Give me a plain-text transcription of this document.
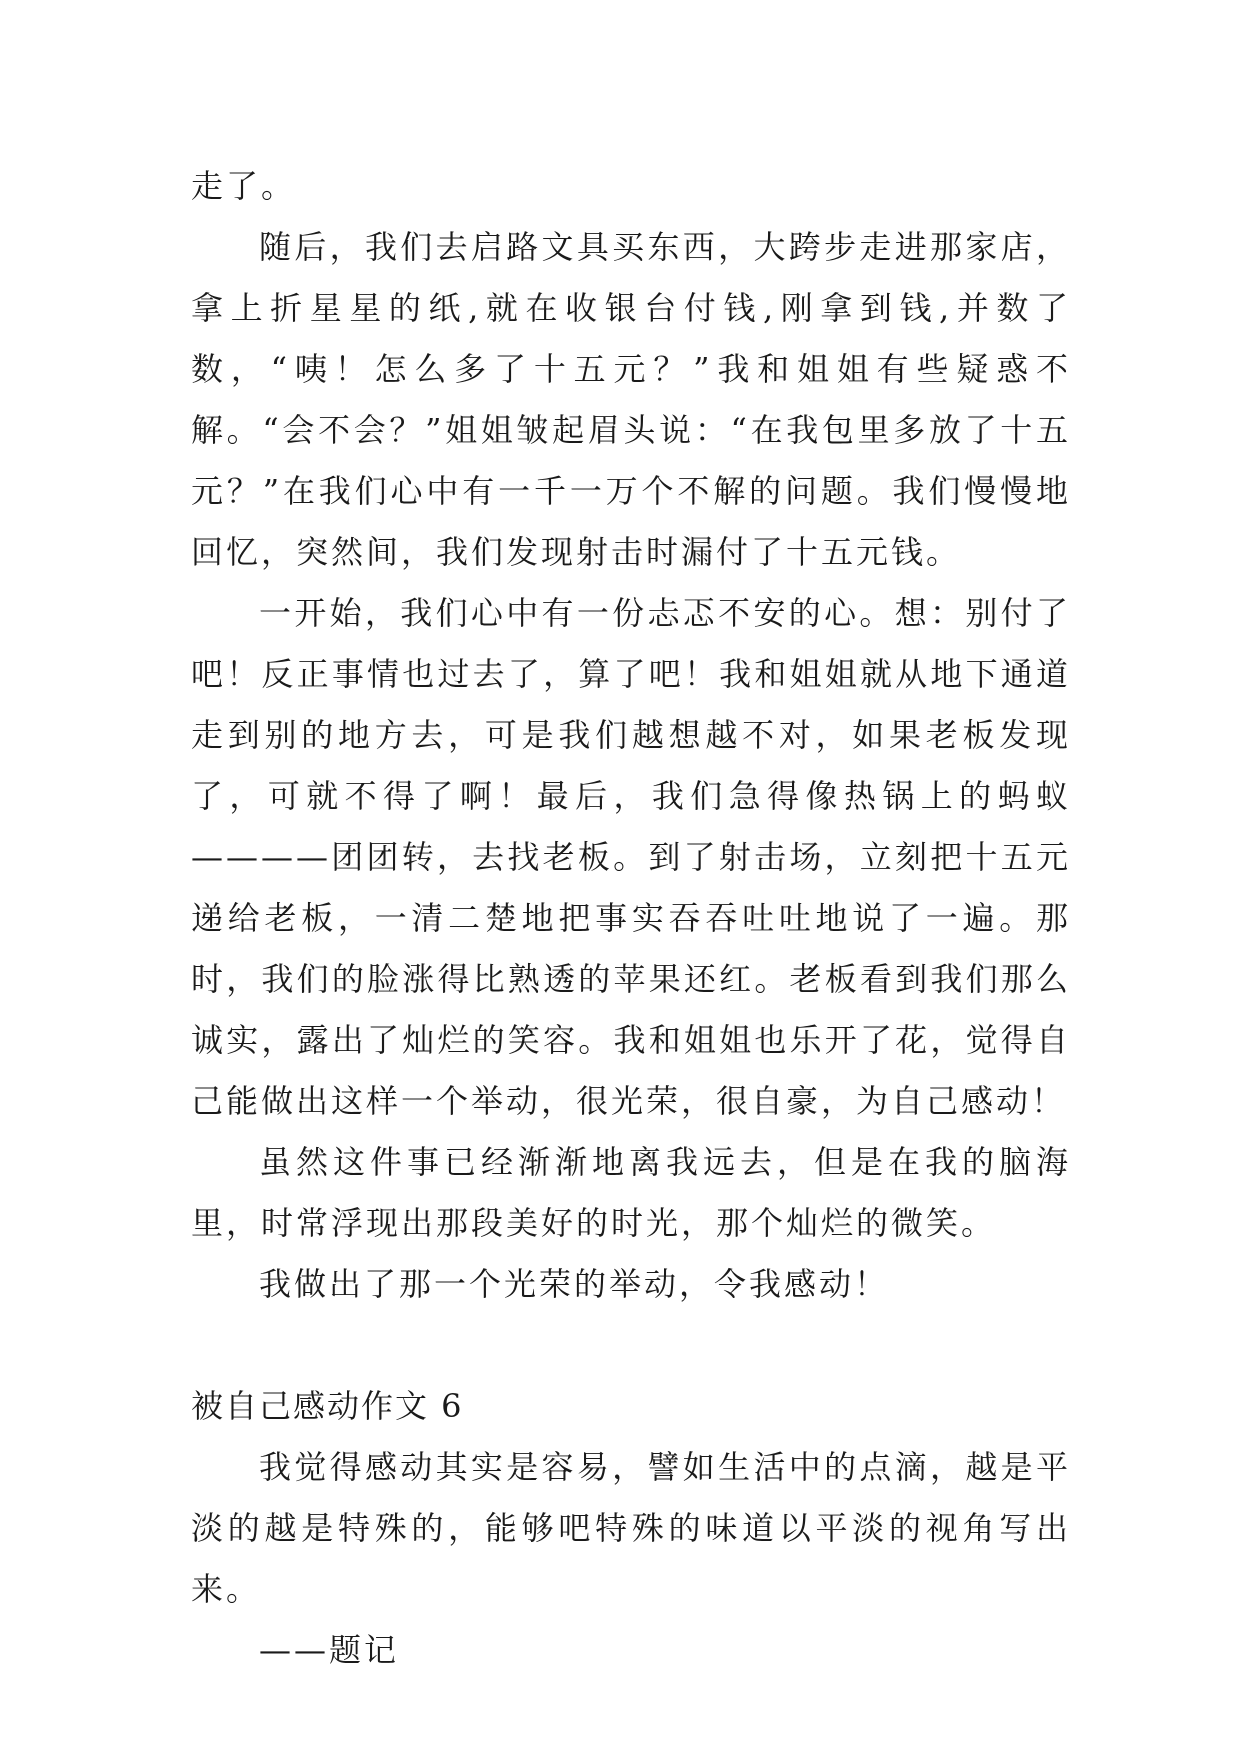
走了。

随后，我们去启路文具买东西，大跨步走进那家店，拿上折星星的纸,就在收银台付钱,刚拿到钱,并数了数，“咦！怎么多了十五元？”我和姐姐有些疑惑不解。“会不会？”姐姐皱起眉头说：“在我包里多放了十五元？”在我们心中有一千一万个不解的问题。我们慢慢地回忆，突然间，我们发现射击时漏付了十五元钱。

一开始，我们心中有一份忐忑不安的心。想：别付了吧！反正事情也过去了，算了吧！我和姐姐就从地下通道走到别的地方去，可是我们越想越不对，如果老板发现了，可就不得了啊！最后，我们急得像热锅上的蚂蚁————团团转，去找老板。到了射击场，立刻把十五元递给老板，一清二楚地把事实吞吞吐吐地说了一遍。那时，我们的脸涨得比熟透的苹果还红。老板看到我们那么诚实，露出了灿烂的笑容。我和姐姐也乐开了花，觉得自己能做出这样一个举动，很光荣，很自豪，为自己感动！

虽然这件事已经渐渐地离我远去，但是在我的脑海里，时常浮现出那段美好的时光，那个灿烂的微笑。

我做出了那一个光荣的举动，令我感动！

被自己感动作文 6

我觉得感动其实是容易，譬如生活中的点滴，越是平淡的越是特殊的，能够吧特殊的味道以平淡的视角写出来。

——题记
